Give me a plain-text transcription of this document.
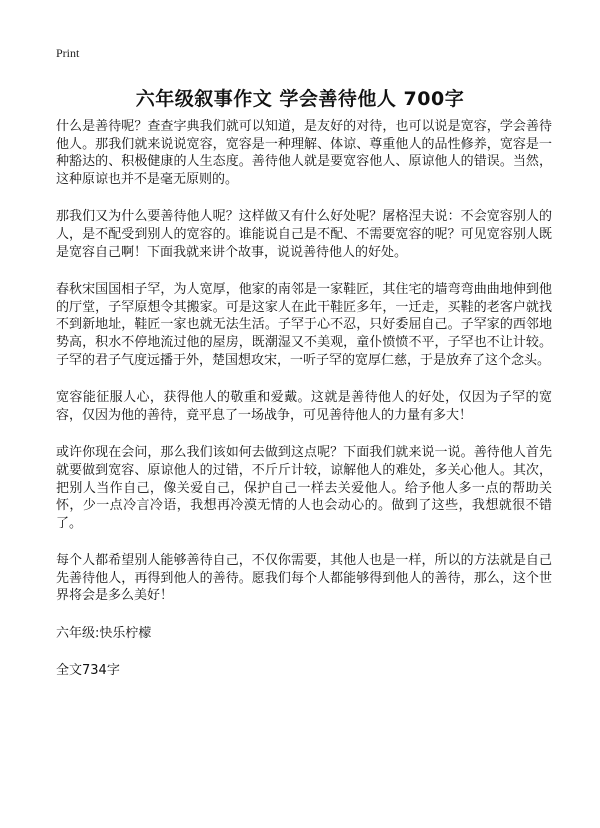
Print
六年级叙事作文 学会善待他人 700字

什么是善待呢？查查字典我们就可以知道，是友好的对待，也可以说是宽容，学会善待他人。那我们就来说说宽容，宽容是一种理解、体谅、尊重他人的品性修养，宽容是一种豁达的、积极健康的人生态度。善待他人就是要宽容他人、原谅他人的错误。当然，这种原谅也并不是毫无原则的。

那我们又为什么要善待他人呢？这样做又有什么好处呢？屠格涅夫说：不会宽容别人的人，是不配受到别人的宽容的。谁能说自己是不配、不需要宽容的呢？可见宽容别人既是宽容自己啊！下面我就来讲个故事，说说善待他人的好处。

春秋宋国国相子罕，为人宽厚，他家的南邻是一家鞋匠，其住宅的墙弯弯曲曲地伸到他的厅堂，子罕原想令其搬家。可是这家人在此干鞋匠多年，一迁走，买鞋的老客户就找不到新地址，鞋匠一家也就无法生活。子罕于心不忍，只好委屈自己。子罕家的西邻地势高，积水不停地流过他的屋房，既潮湿又不美观，童仆愤愤不平，子罕也不让计较。子罕的君子气度远播于外，楚国想攻宋，一听子罕的宽厚仁慈，于是放弃了这个念头。

宽容能征服人心，获得他人的敬重和爱戴。这就是善待他人的好处，仅因为子罕的宽容，仅因为他的善待，竟平息了一场战争，可见善待他人的力量有多大！

或许你现在会问，那么我们该如何去做到这点呢？下面我们就来说一说。善待他人首先就要做到宽容、原谅他人的过错，不斤斤计较，谅解他人的难处，多关心他人。其次，把别人当作自己，像关爱自己，保护自己一样去关爱他人。给予他人多一点的帮助关怀，少一点冷言冷语，我想再冷漠无情的人也会动心的。做到了这些，我想就很不错了。

每个人都希望别人能够善待自己，不仅你需要，其他人也是一样，所以的方法就是自己先善待他人，再得到他人的善待。愿我们每个人都能够得到他人的善待，那么，这个世界将会是多么美好！

六年级:快乐柠檬

全文734字
